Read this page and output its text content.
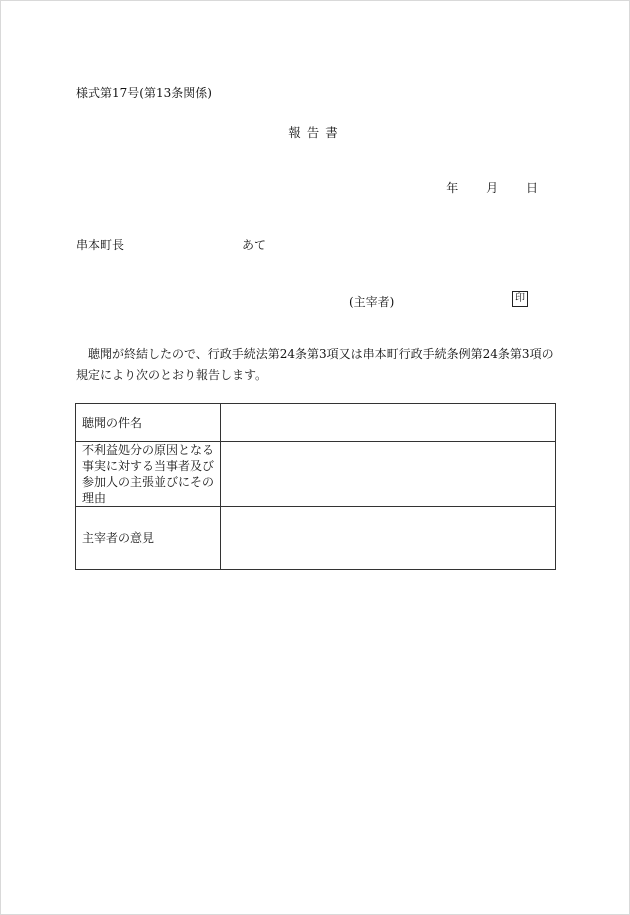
様式第17号(第13条関係)
報告書
年 月 日
串本町長	あて
(主宰者)	印
聴聞が終結したので、行政手続法第24条第3項又は串本町行政手続条例第24条第3項の規定により次のとおり報告します。
聴聞の件名	
不利益処分の原因となる事実に対する当事者及び参加人の主張並びにその理由	
主宰者の意見	
